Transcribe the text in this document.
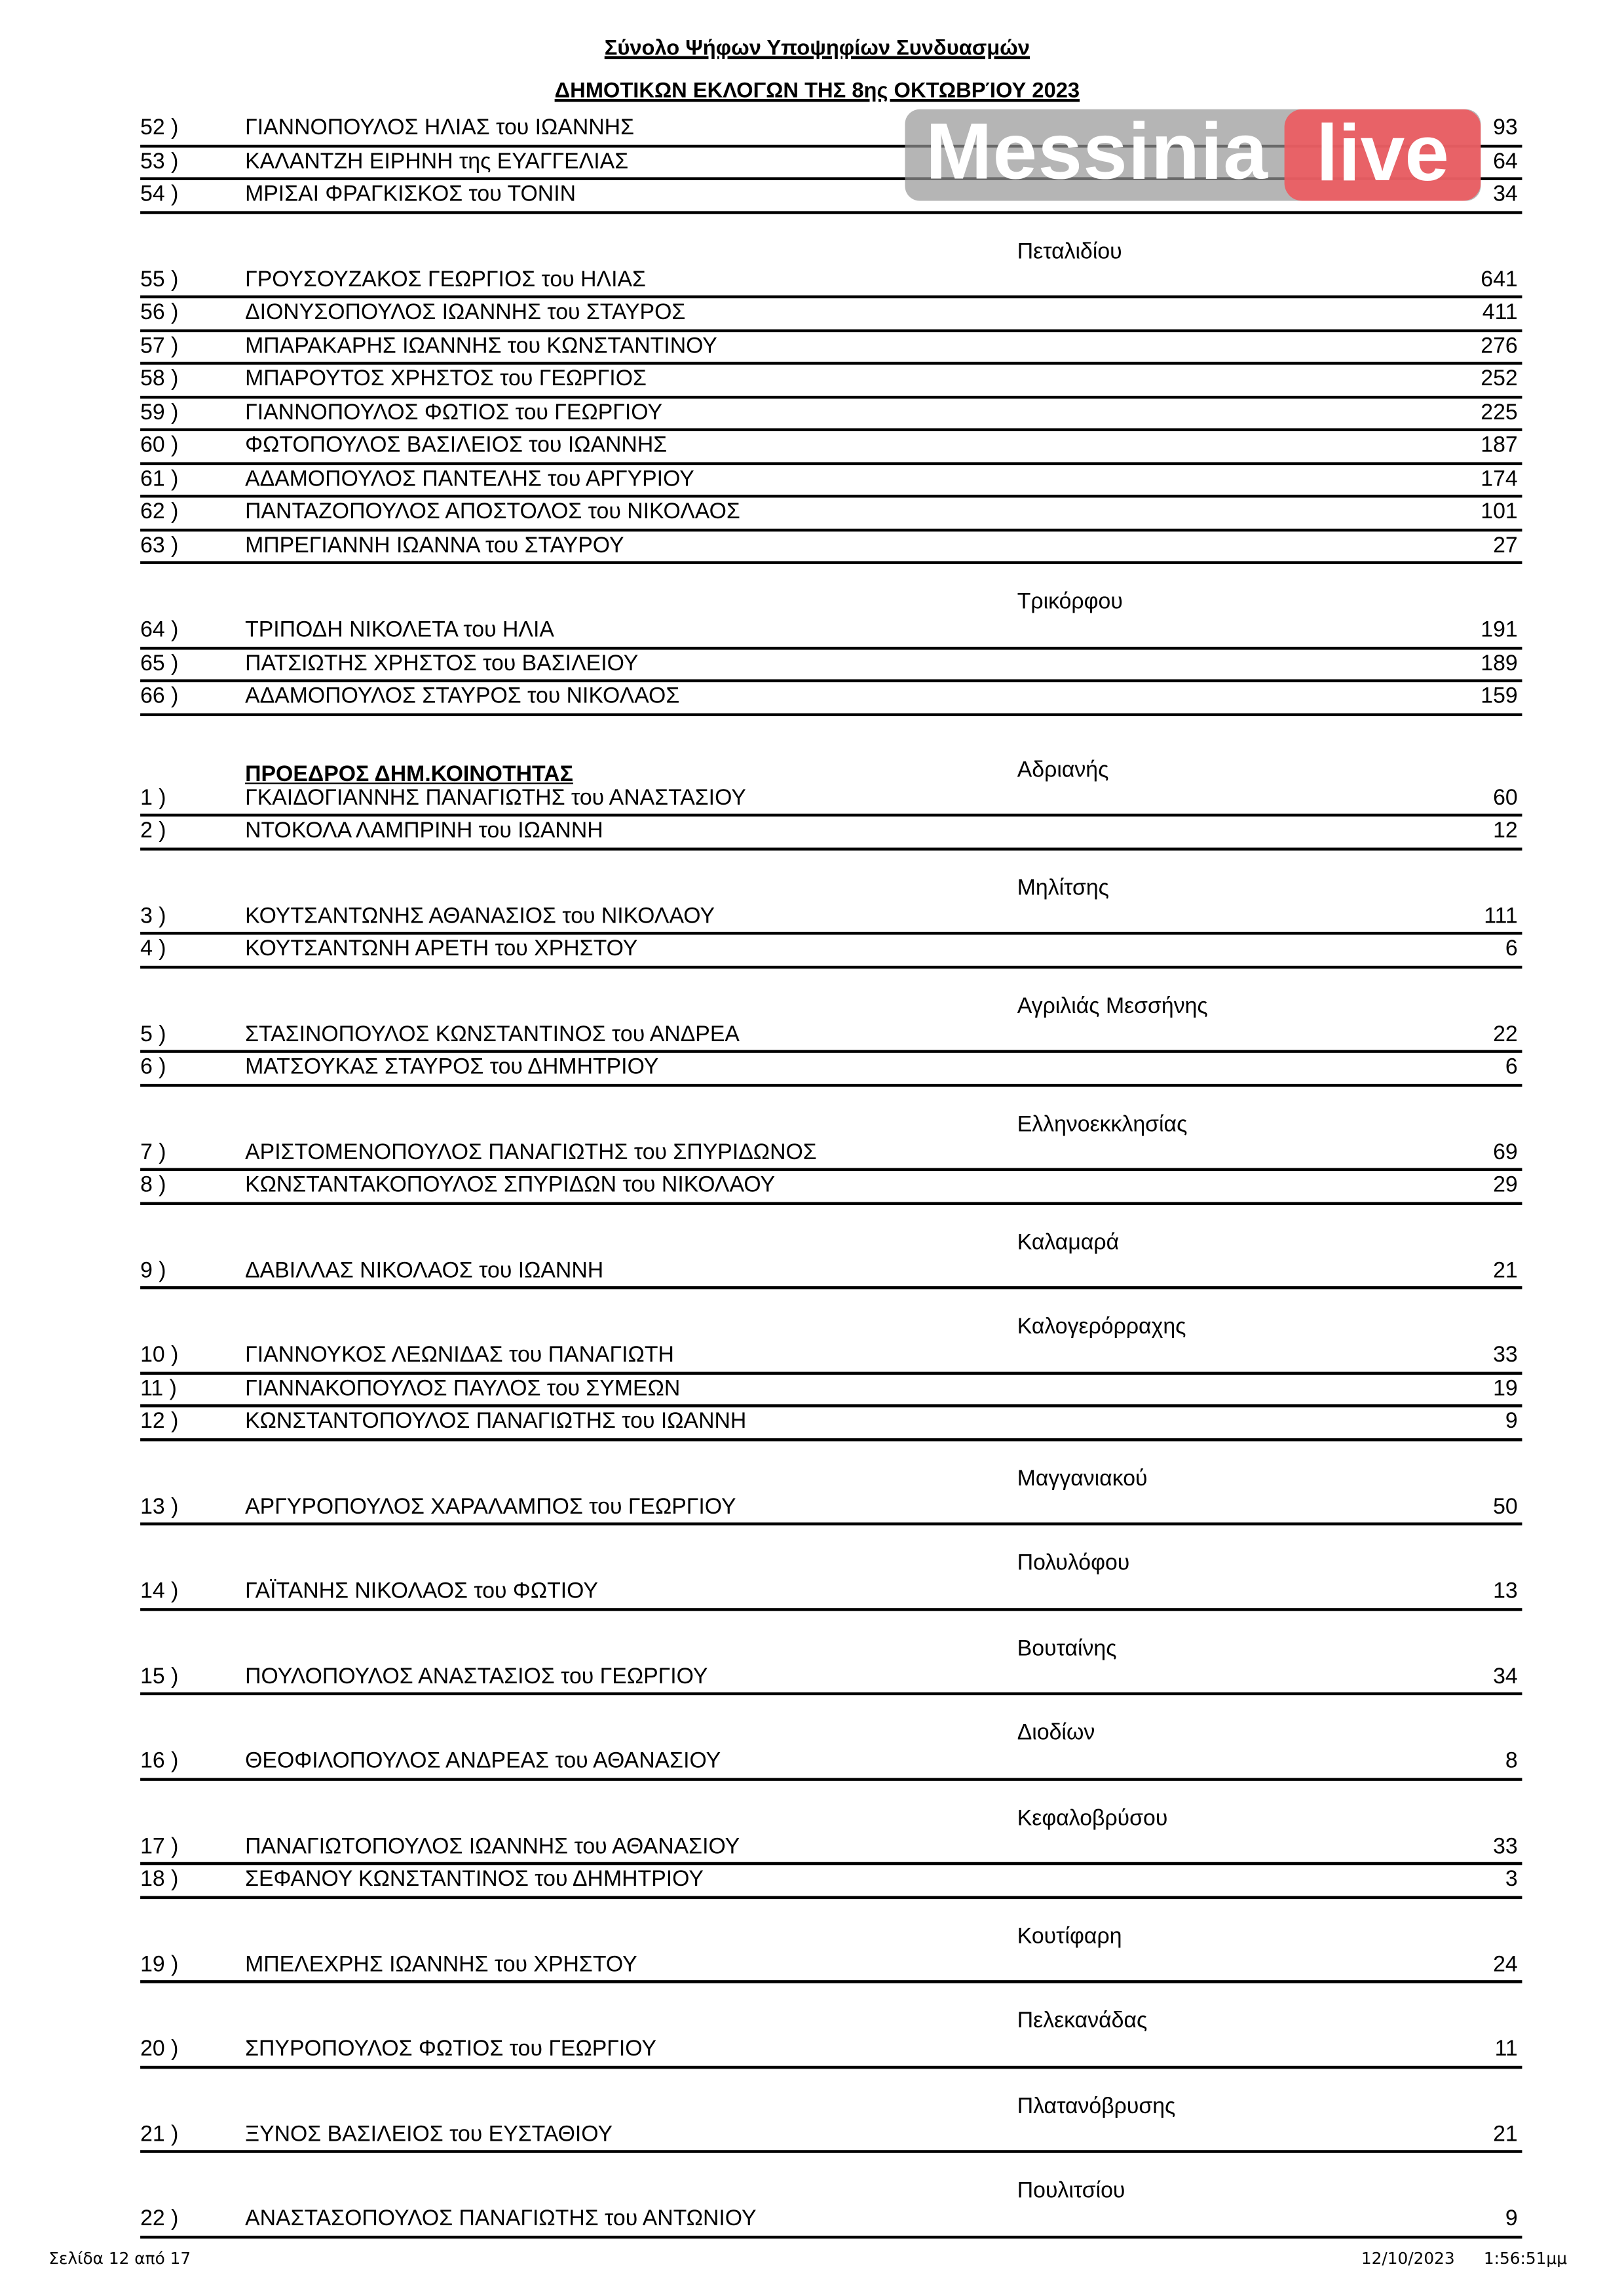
Σύνολο Ψήφων Υποψηφίων Συνδυασμών
ΔΗΜΟΤΙΚΩΝ ΕΚΛΟΓΩΝ ΤΗΣ 8ης ΟΚΤΩΒΡΊΟΥ 2023
52 )	ΓΙΑΝΝΟΠΟΥΛΟΣ ΗΛΙΑΣ του ΙΩΑΝΝΗΣ	93
53 )	ΚΑΛΑΝΤΖΗ ΕΙΡΗΝΗ της ΕΥΑΓΓΕΛΙΑΣ	64
54 )	ΜΡΙΣΑΙ ΦΡΑΓΚΙΣΚΟΣ του ΤΟΝΙΝ	34
Πεταλιδίου
55 )	ΓΡΟΥΣΟΥΖΑΚΟΣ ΓΕΩΡΓΙΟΣ του ΗΛΙΑΣ	641
56 )	ΔΙΟΝΥΣΟΠΟΥΛΟΣ ΙΩΑΝΝΗΣ του ΣΤΑΥΡΟΣ	411
57 )	ΜΠΑΡΑΚΑΡΗΣ ΙΩΑΝΝΗΣ του ΚΩΝΣΤΑΝΤΙΝΟΥ	276
58 )	ΜΠΑΡΟΥΤΟΣ ΧΡΗΣΤΟΣ του ΓΕΩΡΓΙΟΣ	252
59 )	ΓΙΑΝΝΟΠΟΥΛΟΣ ΦΩΤΙΟΣ του ΓΕΩΡΓΙΟΥ	225
60 )	ΦΩΤΟΠΟΥΛΟΣ ΒΑΣΙΛΕΙΟΣ του ΙΩΑΝΝΗΣ	187
61 )	ΑΔΑΜΟΠΟΥΛΟΣ ΠΑΝΤΕΛΗΣ του ΑΡΓΥΡΙΟΥ	174
62 )	ΠΑΝΤΑΖΟΠΟΥΛΟΣ ΑΠΟΣΤΟΛΟΣ του ΝΙΚΟΛΑΟΣ	101
63 )	ΜΠΡΕΓΙΑΝΝΗ ΙΩΑΝΝΑ του ΣΤΑΥΡΟΥ	27
Τρικόρφου
64 )	ΤΡΙΠΟΔΗ ΝΙΚΟΛΕΤΑ του ΗΛΙΑ	191
65 )	ΠΑΤΣΙΩΤΗΣ ΧΡΗΣΤΟΣ του ΒΑΣΙΛΕΙΟΥ	189
66 )	ΑΔΑΜΟΠΟΥΛΟΣ ΣΤΑΥΡΟΣ του ΝΙΚΟΛΑΟΣ	159
ΠΡΟΕΔΡΟΣ ΔΗΜ.ΚΟΙΝΟΤΗΤΑΣ	Αδριανής
1 )	ΓΚΑΙΔΟΓΙΑΝΝΗΣ ΠΑΝΑΓΙΩΤΗΣ του ΑΝΑΣΤΑΣΙΟΥ	60
2 )	ΝΤΟΚΟΛΑ ΛΑΜΠΡΙΝΗ του ΙΩΑΝΝΗ	12
Μηλίτσης
3 )	ΚΟΥΤΣΑΝΤΩΝΗΣ ΑΘΑΝΑΣΙΟΣ του ΝΙΚΟΛΑΟΥ	111
4 )	ΚΟΥΤΣΑΝΤΩΝΗ ΑΡΕΤΗ του ΧΡΗΣΤΟΥ	6
Αγριλιάς Μεσσήνης
5 )	ΣΤΑΣΙΝΟΠΟΥΛΟΣ ΚΩΝΣΤΑΝΤΙΝΟΣ του ΑΝΔΡΕΑ	22
6 )	ΜΑΤΣΟΥΚΑΣ ΣΤΑΥΡΟΣ του ΔΗΜΗΤΡΙΟΥ	6
Ελληνοεκκλησίας
7 )	ΑΡΙΣΤΟΜΕΝΟΠΟΥΛΟΣ ΠΑΝΑΓΙΩΤΗΣ του ΣΠΥΡΙΔΩΝΟΣ	69
8 )	ΚΩΝΣΤΑΝΤΑΚΟΠΟΥΛΟΣ ΣΠΥΡΙΔΩΝ του ΝΙΚΟΛΑΟΥ	29
Καλαμαρά
9 )	ΔΑΒΙΛΛΑΣ ΝΙΚΟΛΑΟΣ του ΙΩΑΝΝΗ	21
Καλογερόρραχης
10 )	ΓΙΑΝΝΟΥΚΟΣ ΛΕΩΝΙΔΑΣ του ΠΑΝΑΓΙΩΤΗ	33
11 )	ΓΙΑΝΝΑΚΟΠΟΥΛΟΣ ΠΑΥΛΟΣ του ΣΥΜΕΩΝ	19
12 )	ΚΩΝΣΤΑΝΤΟΠΟΥΛΟΣ ΠΑΝΑΓΙΩΤΗΣ του ΙΩΑΝΝΗ	9
Μαγγανιακού
13 )	ΑΡΓΥΡΟΠΟΥΛΟΣ ΧΑΡΑΛΑΜΠΟΣ του ΓΕΩΡΓΙΟΥ	50
Πολυλόφου
14 )	ΓΑΪΤΑΝΗΣ ΝΙΚΟΛΑΟΣ του ΦΩΤΙΟΥ	13
Βουταίνης
15 )	ΠΟΥΛΟΠΟΥΛΟΣ ΑΝΑΣΤΑΣΙΟΣ του ΓΕΩΡΓΙΟΥ	34
Διοδίων
16 )	ΘΕΟΦΙΛΟΠΟΥΛΟΣ ΑΝΔΡΕΑΣ του ΑΘΑΝΑΣΙΟΥ	8
Κεφαλοβρύσου
17 )	ΠΑΝΑΓΙΩΤΟΠΟΥΛΟΣ ΙΩΑΝΝΗΣ του ΑΘΑΝΑΣΙΟΥ	33
18 )	ΣΕΦΑΝΟΥ ΚΩΝΣΤΑΝΤΙΝΟΣ του ΔΗΜΗΤΡΙΟΥ	3
Κουτίφαρη
19 )	ΜΠΕΛΕΧΡΗΣ ΙΩΑΝΝΗΣ του ΧΡΗΣΤΟΥ	24
Πελεκανάδας
20 )	ΣΠΥΡΟΠΟΥΛΟΣ ΦΩΤΙΟΣ του ΓΕΩΡΓΙΟΥ	11
Πλατανόβρυσης
21 )	ΞΥΝΟΣ ΒΑΣΙΛΕΙΟΣ του ΕΥΣΤΑΘΙΟΥ	21
Πουλιτσίου
22 )	ΑΝΑΣΤΑΣΟΠΟΥΛΟΣ ΠΑΝΑΓΙΩΤΗΣ του ΑΝΤΩΝΙΟΥ	9
Messinia	live
Σελίδα 12 από 17	12/10/2023	1:56:51μμ
